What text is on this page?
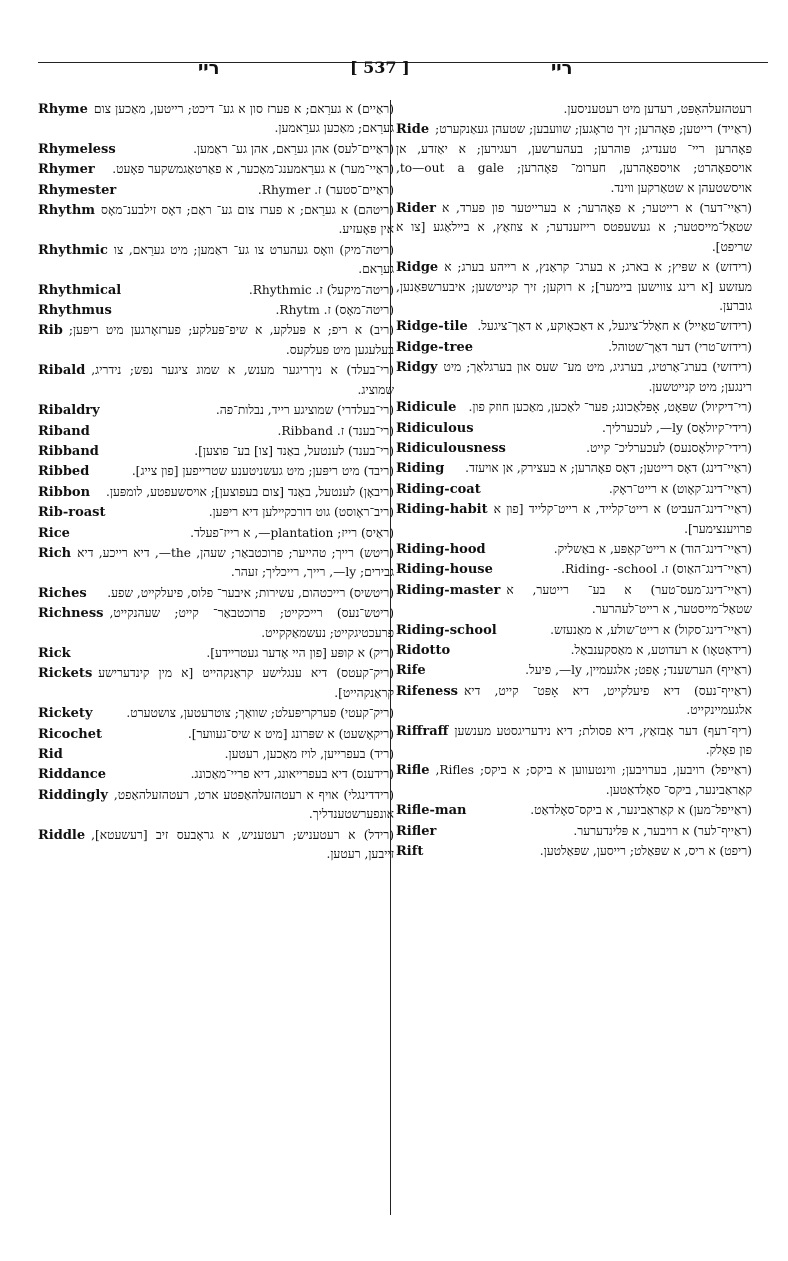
ריי	[ 537 ]	ריי
Rhyme	(ראַיים) א גערַאם; א פערז סון א גע־ דיכט; רייטען, מאַכען צום גערַאם; מאַכען גערַאמען.
Rhymeless	(ראַיים־לעס) אהן גערַאם, אהן גע־ ראַמען.
Rhymer	(ראַיי־מער) א גערַאמענג־מאַכער, א פאַרטאַגמשקער פאָעט.
Rhymester	(ראַיים־סטער) ז. Rhymer.
Rhythm	(ריטהם) א גערַאם; א פערז צום גע־ ראַם; דאָס זילבענ־מאָס אין פּאָעזיע.
Rhythmic	(ריטה־מיק) וואָס געהערט צו גע־ ראַמען; מיט גערַאם, צו גערַאם.
Rhythmical	(ריטה־מיקעל) ז. Rhythmic.
Rhythmus	(ריטה־מאָס) ז. Rhytm.
Rib	(ריב) א ריפ; א פּעלקע, א שיפ־פּעלקע; פערזאָרגען מיט ריפּען; בעלעגען מיט פעלקעס.
Ribald	(רי־בעלד) א ניךריגער מענש, א שמוג ציגער נפש; נידריג, שמוציג.
Ribaldry	(רי־בעלדרי) שמוציגע רייד, נבלות־פה.
Riband	(רי־בענד) ז. Ribband.
Ribband	(רי־בענד) לענטעל, באַנד [צו] בע־ פוצען].
Ribbed	(ריבד) מיט ריפּען; מיט געשניטענע שטרייפען [פון צייג].
Ribbon	(ריבאָן) לענטעל, באַנד [צום בעפוצען]; אויסשעפטע, לומפּען.
Rib-roast	(ריב־ראָוסט) גוט דורכקיילען דיא ריפּען.
Rice	(ראַיס) רייז; plantation—, א רייז־פעלד.
Rich	(ריטש) רייך; טהייער; פרוכטבאַר; שעהן, the—, דיא רייכע, דיא גבירים; ly—, רייך, רייכליך; זעהר.
Riches	(ריטשיס) רייכטהום, עשירות; איבער־ פלוס, פיעלקייט, שפע.
Richness	(ריטש־נעס) רייכקייט; פרוכטבאַר־ קייט; שעהנקייט, פרעכטיגקייט; נעשמאַקקייט.
Rick	(ריק) א קופּע [פון היי אָדער געטריידע].
Rickets	(ריק־קעטס) דיא ענגלישע קראַנקהייט [א מין קינדערישע קראַנקהייט].
Rickety	(ריק־קעטי) פערקריפּעלט; שוואַך; צוטרעטען, צושטערט.
Ricochet	(ריקאָשעט) א שפּרונג [מיט א שיס־געווער].
Rid	(ריד) בעפרייען, לויז מאַכען, רעטען.
Riddance	(רידענס) דיא בעפרייאונג, דיא פריי־מאַכונג.
Riddingly	(רידדינגלי) אויף א רעטהזעלהאַפטע ארט, רעטהזעלהאַפט, אונפערשטענדליך.
Riddle	(רידל) א רעטעניש; רעטעניש, א גראָבעס זיב [רעשעטא], זייבען, רעטען.
רעטהזעלהאַפּט, רעדען מיט רעטעניסען.
Ride	(ראַייד) רייטען; פאָהרען; זיך טראָגען; שוועבען; שטעהן געאַנקערט; פאָהרען ריי־ טענדיג; פּוהרען; בעהערשען, רעגירען; א יאַזדע, אן אויספאָהרט; אויספאָהרען, חערומ־ פאָהרען; to—out a gale, אויסשטעהן א שטאַרקען ווינד.
Rider	(ראַיי־דער) א רייטער; א פאָהרער; א בערייטער פון פערד, א שטאַל־מייסטער; א געשעפטס רייזענדער; א צוזאַץ, א ביילאַגע [צו א שריפט].
Ridge	(רידזש) א שפּיץ; א בארג; א בערג־ קראַנץ, א רייהע בערג; א מעזשע [א רינג צווישען ביימער]; א רוקען; זיך קנייטשען; איבערשפּאַנען, גוברען.
Ridge-tile	(רידזש־טאַייל) א חאַלל־ציגעל, א דאַכאָוקע, א דאַך־ציגעל.
Ridge-tree	(רידזש־טרי) דער דאַך־שטוהל.
Ridgy	(רידזשי) בערג־אַרטיג, בערגיג, מיט מע־ שעס און בערגלאַך; מיט רינגען; מיט קנייטשען.
Ridicule	(רי־דיקיול) שפּאָט, אָפּלאַכונג; פער־ לאַכען, מאַכען חוזק פון.
Ridiculous	(רידי־קיולאָס) ly—, לעכערליך.
Ridiculousness	(רידי־קיולאָסנעס) לעכערליכ־ קייט.
Riding	(ראַיי־דינג) דאָס רייטען; דאָס פאָהרען; א בעצירק, אן אויעזד.
Riding-coat	(ראַיי־דינג־קאָוט) א רייט־ראָק.
Riding-habit	(ראַיי־דינג־העביט) א רייט־קלייד, א רייט־קלייד [פון א פרויענצימער].
Riding-hood	(ראַיי־דינג־הוד) א רייט־קאַפּע, א באַשליק.
Riding-house	(ראַיי־דינג־האַוס) ז. Riding- -school.
Riding-master	(ראַיי־דינג־מעס־טער) א בע־ רייטער, א שטאַל־מייסטער, א רייט־לעהרער.
Riding-school	(ראַיי־דינג־סקול) א רייט־שולע, א מאַנעזש.
Ridotto	(רידאָטאָו) א רעדוטע, א מאַסקענבאַל.
Rife	(ראַייף) הערשענד; אָפט; אלגעמיין, ly—, פיעל.
Rifeness	(ראַייף־נעס) דיא פיעלקייט, דיא אָפּט־ קייט, דיא אלגעמיינקייט.
Riffraff	(ריף־רעף) דער אָבזאַץ, דיא פסולת; דיא נידעריגסטע מענשען פון פאָלק.
Rifle	(ראַייפל) רויבען, בערויבען; ווינטעווען א ביקס; א ביקס; Rifles, קאַראַבינער, ביקס־ סאָלדאַטען.
Rifle-man	(ראַייפל־מען) א קאַראַבינער, א ביקס־סאָלדאַט.
Rifler	(ראַייף־לער) א רויבער, א פּלינדערער.
Rift	(ריפט) א ריס, א שפּאַלט; רייסען, שפּאַלטען.
